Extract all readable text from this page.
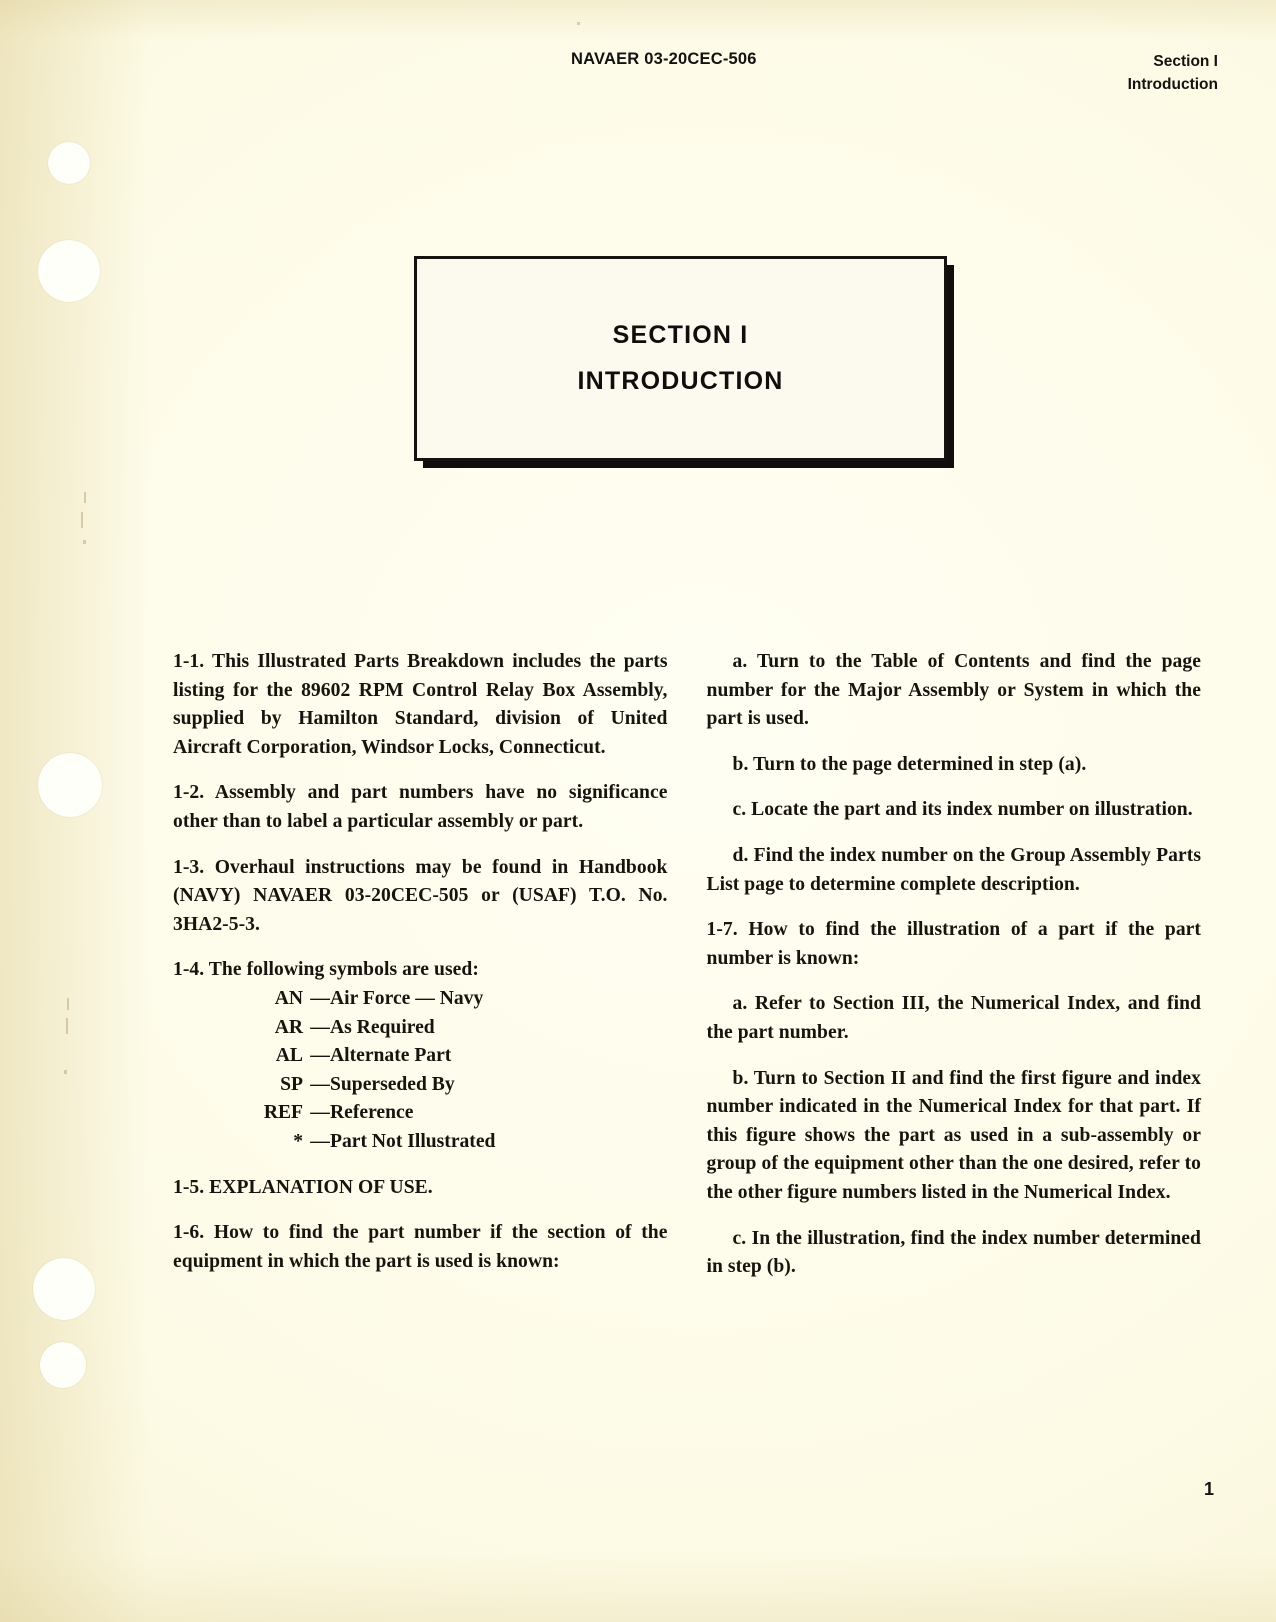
NAVAER 03-20CEC-506	Section I
Introduction
SECTION I
INTRODUCTION

1-1. This Illustrated Parts Breakdown includes the parts listing for the 89602 RPM Control Relay Box Assembly, supplied by Hamilton Standard, division of United Aircraft Corporation, Windsor Locks, Connecticut.

1-2. Assembly and part numbers have no significance other than to label a particular assembly or part.

1-3. Overhaul instructions may be found in Handbook (NAVY) NAVAER 03-20CEC-505 or (USAF) T.O. No. 3HA2-5-3.

1-4. The following symbols are used:

AN — Air Force — Navy
AR — As Required
AL — Alternate Part
SP — Superseded By
REF — Reference
* — Part Not Illustrated

1-5. EXPLANATION OF USE.

1-6. How to find the part number if the section of the equipment in which the part is used is known:

a. Turn to the Table of Contents and find the page number for the Major Assembly or System in which the part is used.

b. Turn to the page determined in step (a).

c. Locate the part and its index number on illustration.

d. Find the index number on the Group Assembly Parts List page to determine complete description.

1-7. How to find the illustration of a part if the part number is known:

a. Refer to Section III, the Numerical Index, and find the part number.

b. Turn to Section II and find the first figure and index number indicated in the Numerical Index for that part. If this figure shows the part as used in a sub-assembly or group of the equipment other than the one desired, refer to the other figure numbers listed in the Numerical Index.

c. In the illustration, find the index number determined in step (b).

1
